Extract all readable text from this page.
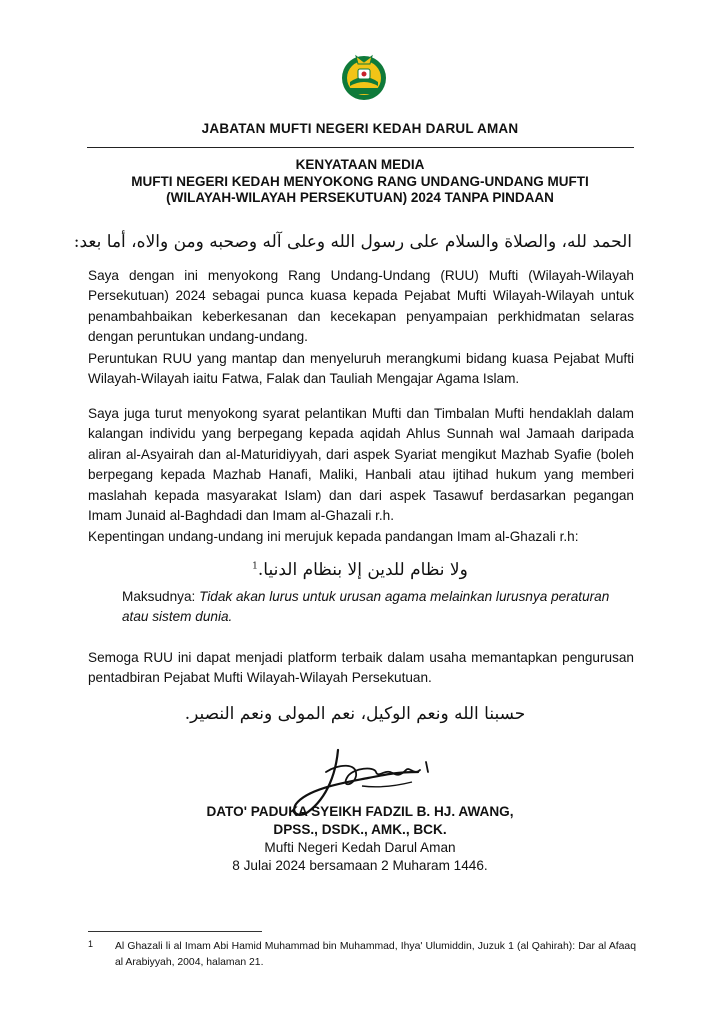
JABATAN MUFTI NEGERI KEDAH DARUL AMAN
KENYATAAN MEDIA
MUFTI NEGERI KEDAH MENYOKONG RANG UNDANG-UNDANG MUFTI
(WILAYAH-WILAYAH PERSEKUTUAN) 2024 TANPA PINDAAN
الحمد لله، والصلاة والسلام على رسول الله وعلى آله وصحبه ومن والاه، أما بعد:
Saya dengan ini menyokong Rang Undang-Undang (RUU) Mufti (Wilayah-Wilayah Persekutuan) 2024 sebagai punca kuasa kepada Pejabat Mufti Wilayah-Wilayah untuk penambahbaikan keberkesanan dan kecekapan penyampaian perkhidmatan selaras dengan peruntukan undang-undang.
Peruntukan RUU yang mantap dan menyeluruh merangkumi bidang kuasa Pejabat Mufti Wilayah-Wilayah iaitu Fatwa, Falak dan Tauliah Mengajar Agama Islam.
Saya juga turut menyokong syarat pelantikan Mufti dan Timbalan Mufti hendaklah dalam kalangan individu yang berpegang kepada aqidah Ahlus Sunnah wal Jamaah daripada aliran al-Asyairah dan al-Maturidiyyah, dari aspek Syariat mengikut Mazhab Syafie (boleh berpegang kepada Mazhab Hanafi, Maliki, Hanbali atau ijtihad hukum yang memberi maslahah kepada masyarakat Islam) dan dari aspek Tasawuf berdasarkan pegangan Imam Junaid al-Baghdadi dan Imam al-Ghazali r.h.
Kepentingan undang-undang ini merujuk kepada pandangan Imam al-Ghazali r.h:
ولا نظام للدين إلا بنظام الدنيا.$^1$
Maksudnya: Tidak akan lurus untuk urusan agama melainkan lurusnya peraturan atau sistem dunia.
Semoga RUU ini dapat menjadi platform terbaik dalam usaha memantapkan pengurusan pentadbiran Pejabat Mufti Wilayah-Wilayah Persekutuan.
حسبنا الله ونعم الوكيل، نعم المولى ونعم النصير.
DATO' PADUKA SYEIKH FADZIL B. HJ. AWANG,
DPSS., DSDK., AMK., BCK.
Mufti Negeri Kedah Darul Aman
8 Julai 2024 bersamaan 2 Muharam 1446.
1 Al Ghazali li al Imam Abi Hamid Muhammad bin Muhammad, Ihya' Ulumiddin, Juzuk 1 (al Qahirah): Dar al Afaaq al Arabiyyah, 2004, halaman 21.
